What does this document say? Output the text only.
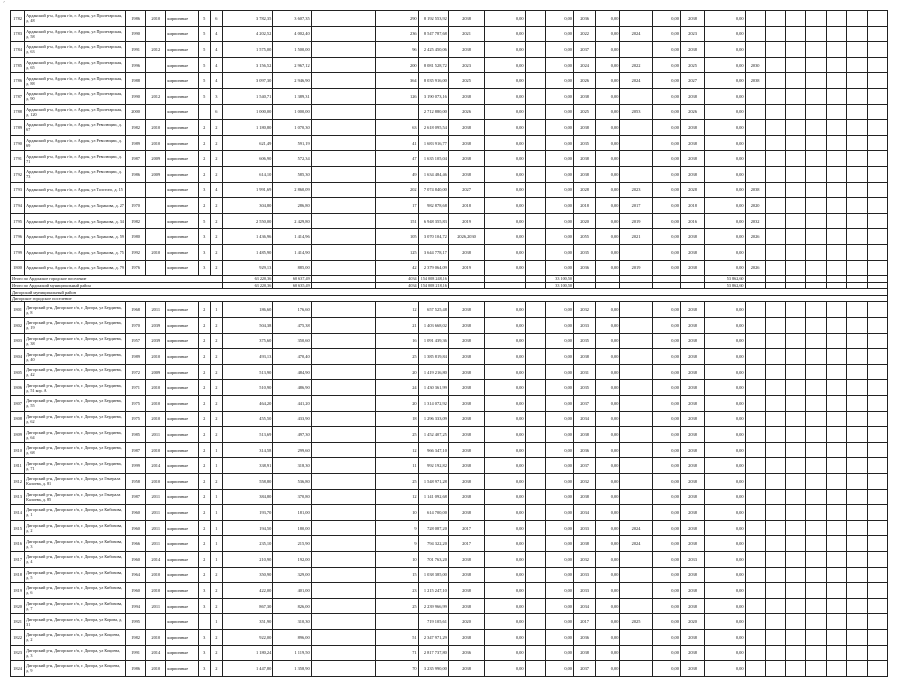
´
1782	Арданский р-н, Ардон г/п, г. Ардон, ул Пролетарская, д. 48	1986	2010	кирпичные	5	6	3 782,35	3 607,35		290	8 192 553,92	2038	0,00		0,00	2036	0,00		0,00	2038	0,00							
1783	Арданский р-н, Ардон г/п, г. Ардон, ул Пролетарская, д. 58	1990		кирпичные	5	4	4 202,52	4 002,40		236	8 547 787,68	2021	0,00		0,00	2022	0,00	2024	0,00	2023	0,00							
1784	Арданский р-н, Ардон г/п, г. Ардон, ул Пролетарская, д. 63	1991	2012	кирпичные	5	4	1 575,00	1 500,00		96	2 425 450,06	2038	0,00		0,00	2037	0,00		0,00	2038	0,00							
1785	Арданский р-н, Ардон г/п, г. Ардон, ул Пролетарская, д. 65	1996		кирпичные	5	4	3 156,52	2 967,12		200	8 081 528,72	2023	0,00		0,00	2024	0,00	2022	0,00	2025	0,00	2030						
1786	Арданский р-н, Ардон г/п, г. Ардон, ул Пролетарская, д. 88	1988		кирпичные	5	4	3 097,30	2 946,90		364	8 035 916,00	2025	0,00		0,00	2026	0,00	2024	0,00	2027	0,00	2038						
1787	Арданский р-н, Ардон г/п, г. Ардон, ул Пролетарская, д. 90	1990	2012	кирпичные	5	3	1 540,71	1 389,31		126	3 190 073,16	2038	0,00		0,00	2038	0,00		0,00	2038	0,00							
1788	Арданский р-н, Ардон г/п, г. Ардон, ул Пролетарская, д. 120	2000		кирпичные		6	1 000,00	1 000,00			2 712 880,00	2026	0,00		0,00	2025	0,00	2053	0,00	2026	0,00							
1789	Арданский р-н, Ардон г/п, г. Ардон, ул Революции, д. 67	1982	2010	кирпичные	2	2	1 180,80	1 070,30		63	2 618 095,54	2038	0,00		0,00	2038	0,00		0,00	2038	0,00							
1790	Арданский р-н, Ардон г/п, г. Ардон, ул Революции, д. 69	1989	2010	кирпичные	2	2	621,49	591,19		41	1 683 916,77	2038	0,00		0,00	2035	0,00		0,00	2038	0,00							
1791	Арданский р-н, Ардон г/п, г. Ардон, ул Революции, д. 71	1987	2009	кирпичные	2	2	606,90	572,34		47	1 635 105,04	2038	0,00		0,00	2038	0,00		0,00	2038	0,00							
1792	Арданский р-н, Ардон г/п, г. Ардон, ул Революции, д. 73	1986	2009	кирпичные	2	2	614,10	585,30		49	1 634 484,46	2038	0,00		0,00	2038	0,00		0,00	2038	0,00							
1793	Арданский р-н, Ардон г/п, г. Ардон, ул Толстого, д. 15			кирпичные	3	4	1 991,69	2 860,09		202	7 074 840,00	2027	0,00		0,00	2028	0,00	2023	0,00	2028	0,00	2038						
1794	Арданский р-н, Ардон г/п, г. Ардон, ул Хоранова, д. 27	1970		кирпичные	2	2	304,80	286,80		17	982 878,68	2018	0,00		0,00	2018	0,00	2017	0,00	2018	0,00	2020						
1795	Арданский р-н, Ардон г/п, г. Ардон, ул Хоранова, д. 34	1982		кирпичные	5	2	2 550,00	2 429,80		151	6 948 355,83	2019	0,00		0,00	2020	0,00	2019	0,00	2016	0,00	2032						
1796	Арданский р-н, Ардон г/п, г. Ардон, ул Хоранова, д. 59	1980		кирпичные	3	2	1 436,96	1 414,96		105	3 070 104,72	2026,2030	0,00		0,00	2055	0,00	2021	0,00	2038	0,00	2026						
1799	Арданский р-н, Ардон г/п, г. Ардон, ул Хоранова, д. 75	1992	2010	кирпичные	3	2	1 485,90	1 414,90		125	3 644 778,17	2038	0,00		0,00	2035	0,00		0,00	2038	0,00							
1800	Арданский р-н, Ардон г/п, г. Ардон, ул Хоранова, д. 79	1976		кирпичные	3	2	929,13	885,00		42	2 379 064,09	2019	0,00		0,00	2036	0,00	2019	0,00	2038	0,00	2026						
Итого по Ардонское городское поселение							63 220,36	60 637,49		4034	154 008 248,16				33 100,50						53 862,60							
Итого по Ардонский муниципальный район							63 220,36	60 635,49		4034	154 008 218,16				33 100,50						53 862,60							
Дигорский муниципальный район																												
Дигорское городское поселение																												
1801	Дигорский р-н, Дигорское г/п, г. Дигора, ул Бердиева, д. 8	1968	2011	кирпичные	2	1	186,60	176,60		12	657 525,48	2038	0,00		0,00	2032	0,00		0,00	2038	0,00							
1802	Дигорский р-н, Дигорское г/п, г. Дигора, ул Бердиева, д. 19	1970	2039	кирпичные	2	2	504,38	475,38		21	1 403 668,02	2038	0,00		0,00	2033	0,00		0,00	2038	0,00							
1803	Дигорский р-н, Дигорское г/п, г. Дигора, ул Бердиева, д. 38	1957	2039	кирпичные	2	2	375,60	350,60		16	1 091 439,36	2038	0,00		0,00	2035	0,00		0,00	2038	0,00							
1804	Дигорский р-н, Дигорское г/п, г. Дигора, ул Бердиева, д. 40	1989	2010	кирпичные	2	2	493,13	470,40		25	1 385 819,84	2038	0,00		0,00	2038	0,00		0,00	2038	0,00							
1805	Дигорский р-н, Дигорское г/п, г. Дигора, ул Бердиева, д. 42	1972	2009	кирпичные	2	2	513,90	484,90		20	1 419 216,80	2038	0,00		0,00	2031	0,00		0,00	2038	0,00							
1806	Дигорский р-н, Дигорское г/п, г. Дигора, ул Бердиева, д. 51 кор. А	1971	2010	кирпичные	2	2	510,90	486,90		24	1 430 361,99	2038	0,00		0,00	2035	0,00		0,00	2038	0,00							
1807	Дигорский р-н, Дигорское г/п, г. Дигора, ул Бердиева, д. 55	1975	2010	кирпичные	2	2	464,20	441,20		20	1 314 072,92	2038	0,00		0,00	2037	0,00		0,00	2038	0,00							
1808	Дигорский р-н, Дигорское г/п, г. Дигора, ул Бердиева, д. 62	1975	2010	кирпичные	2	2	455,50	433,90		18	1 296 333,09	2038	0,00		0,00	2034	0,00		0,00	2038	0,00							
1809	Дигорский р-н, Дигорское г/п, г. Дигора, ул Бердиева, д. 64	1985	2011	кирпичные	2	2	513,69	497,30		25	1 452 407,25	2038	0,00		0,00	2038	0,00		0,00	2038	0,00							
1810	Дигорский р-н, Дигорское г/п, г. Дигора, ул Бердиева, д. 68	1987	2010	кирпичные	2	1	314,58	299,60		12	966 347,10	2038	0,00		0,00	2036	0,00		0,00	2038	0,00							
1811	Дигорский р-н, Дигорское г/п, г. Дигора, ул Бердиева, д. 71	1999	2014	кирпичные	2	1	338,91	318,30		11	992 192,82	2038	0,00		0,00	2037	0,00		0,00	2038	0,00							
1812	Дигорский р-н, Дигорское г/п, г. Дигора, ул Генерала Калоева, д. 81	1958	2010	кирпичные	2	2	558,80	536,80		25	1 548 971,28	2038	0,00		0,00	2032	0,00		0,00	2038	0,00							
1813	Дигорский р-н, Дигорское г/п, г. Дигора, ул Генерала Калоева, д. 85	1987	2011	кирпичные	2	1	384,80	370,80		12	1 141 092,68	2038	0,00		0,00	2038	0,00		0,00	2038	0,00							
1814	Дигорский р-н, Дигорское г/п, г. Дигора, ул Кибизова, д. 1	1960	2011	кирпичные	2	1	193,70	181,00		10	614 700,00	2038	0,00		0,00	2034	0,00		0,00	2038	0,00							
1815	Дигорский р-н, Дигорское г/п, г. Дигора, ул Кибизова, д. 2	1960	2011	кирпичные	2	1	194,50	180,00		9	728 087,20	2017	0,00		0,00	2033	0,00	2024	0,00	2038	0,00							
1816	Дигорский р-н, Дигорское г/п, г. Дигора, ул Кибизова, д. 3	1966	2011	кирпичные	2	1	235,10	215,90		9	794 322,20	2017	0,00		0,00	2038	0,00	2024	0,00	2038	0,00							
1817	Дигорский р-н, Дигорское г/п, г. Дигора, ул Кибизова, д. 4	1960	2014	кирпичные	2	1	210,90	192,00		10	701 763,20	2038	0,00		0,00	2032	0,00		0,00	2033	0,00							
1818	Дигорский р-н, Дигорское г/п, г. Дигора, ул Кибизова, д. 5	1964	2010	кирпичные	2	2	350,90	329,00		15	1 038 385,00	2038	0,00		0,00	2033	0,00		0,00	2038	0,00							
1819	Дигорский р-н, Дигорское г/п, г. Дигора, ул Кибизова, д. 6	1960	2010	кирпичные	3	2	422,00	401,00		23	1 215 247,10	2038	0,00		0,00	2033	0,00		0,00	2038	0,00							
1820	Дигорский р-н, Дигорское г/п, г. Дигора, ул Кибизова, д. 7	1994	2011	кирпичные	3	2	867,30	826,00		25	2 239 966,99	2038	0,00		0,00	2034	0,00		0,00	2038	0,00							
1821	Дигорский р-н, Дигорское г/п, г. Дигора, ул Корова, д. 31	1995		кирпичные		1	351,90	310,30			719 105,61	2020	0,00		0,00	2017	0,00	2025	0,00	2020	0,00							
1822	Дигорский р-н, Дигорское г/п, г. Дигора, ул Коцоева, д. 2	1982	2010	кирпичные	3	2	922,00	896,00		51	2 347 971,29	2038	0,00		0,00	2036	0,00		0,00	2038	0,00							
1823	Дигорский р-н, Дигорское г/п, г. Дигора, ул Коцоева, д. 3	1991	2014	кирпичные	3	2	1 180,24	1 119,50		71	2 817 737,80	2036	0,00		0,00	2038	0,00		0,00	2038	0,00							
1824	Дигорский р-н, Дигорское г/п, г. Дигора, ул Коцоева, д. 9	1986	2010	кирпичные	3	2	1 447,80	1 358,90		70	3 235 990,00	2038	0,00		0,00	2037	0,00		0,00	2038	0,00							
